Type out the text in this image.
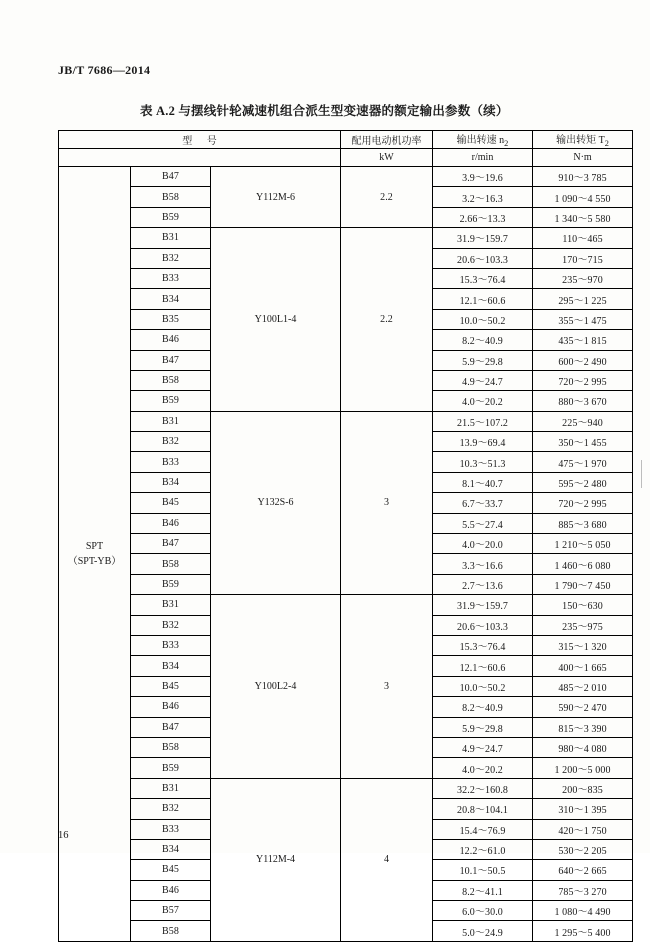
JB/T 7686—2014
表 A.2 与摆线针轮减速机组合派生型变速器的额定输出参数（续）
型 号			配用电动机功率	输出转速 $n_2$	输出转矩 $T_2$
			kW	r/min	N·m

SPT
（SPT-YB）	B47	Y112M-6	2.2	3.9～19.6	910～3 785
	B58			3.2～16.3	1 090～4 550
	B59			2.66～13.3	1 340～5 580
	B31	Y100L1-4	2.2	31.9～159.7	110～465
	B32			20.6～103.3	170～715
	B33			15.3～76.4	235～970
	B34			12.1～60.6	295～1 225
	B35			10.0～50.2	355～1 475
	B46			8.2～40.9	435～1 815
	B47			5.9～29.8	600～2 490
	B58			4.9～24.7	720～2 995
	B59			4.0～20.2	880～3 670
	B31	Y132S-6	3	21.5～107.2	225～940
	B32			13.9～69.4	350～1 455
	B33			10.3～51.3	475～1 970
	B34			8.1～40.7	595～2 480
	B45			6.7～33.7	720～2 995
	B46			5.5～27.4	885～3 680
	B47			4.0～20.0	1 210～5 050
	B58			3.3～16.6	1 460～6 080
	B59			2.7～13.6	1 790～7 450
	B31	Y100L2-4	3	31.9～159.7	150～630
	B32			20.6～103.3	235～975
	B33			15.3～76.4	315～1 320
	B34			12.1～60.6	400～1 665
	B45			10.0～50.2	485～2 010
	B46			8.2～40.9	590～2 470
	B47			5.9～29.8	815～3 390
	B58			4.9～24.7	980～4 080
	B59			4.0～20.2	1 200～5 000
	B31	Y112M-4	4	32.2～160.8	200～835
	B32			20.8～104.1	310～1 395
	B33			15.4～76.9	420～1 750
	B34			12.2～61.0	530～2 205
	B45			10.1～50.5	640～2 665
	B46			8.2～41.1	785～3 270
	B57			6.0～30.0	1 080～4 490
	B58			5.0～24.9	1 295～5 400
16
